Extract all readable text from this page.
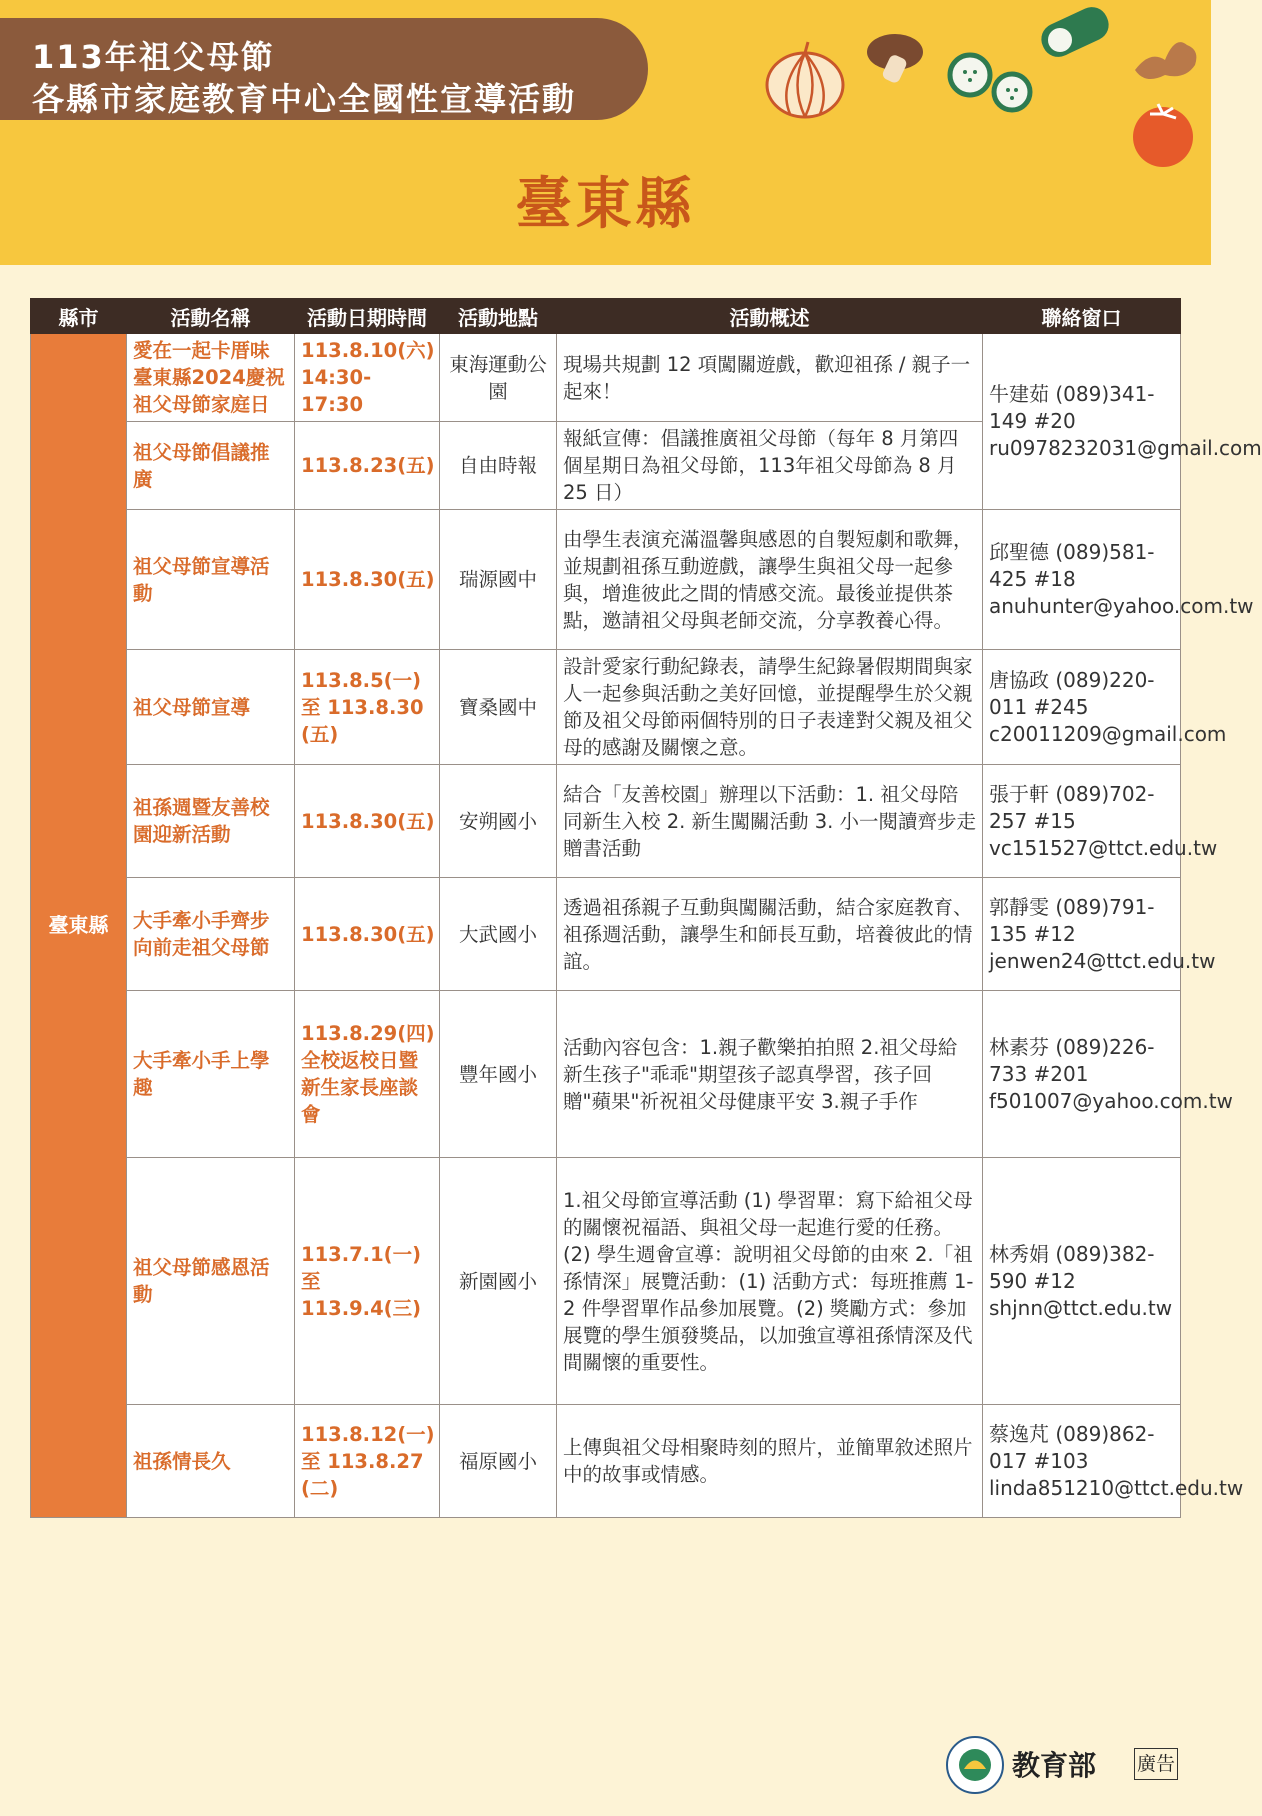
113年祖父母節
各縣市家庭教育中心全國性宣導活動
臺東縣
縣市	活動名稱	活動日期時間	活動地點	活動概述	聯絡窗口
臺東縣	愛在一起卡厝味臺東縣2024慶祝祖父母節家庭日	113.8.10(六) 14:30-17:30	東海運動公園	現場共規劃 12 項闖關遊戲，歡迎祖孫 / 親子一起來！	牛建茹 (089)341-149 #20 ru0978232031@gmail.com
	祖父母節倡議推廣	113.8.23(五)	自由時報	報紙宣傳：倡議推廣祖父母節（每年 8 月第四個星期日為祖父母節，113年祖父母節為 8 月 25 日）	
	祖父母節宣導活動	113.8.30(五)	瑞源國中	由學生表演充滿溫馨與感恩的自製短劇和歌舞，並規劃祖孫互動遊戲，讓學生與祖父母一起參與，增進彼此之間的情感交流。最後並提供茶點，邀請祖父母與老師交流，分享教養心得。	邱聖德 (089)581-425 #18 anuhunter@yahoo.com.tw
	祖父母節宣導	113.8.5(一) 至 113.8.30 (五)	寶桑國中	設計愛家行動紀錄表，請學生紀錄暑假期間與家人一起參與活動之美好回憶，並提醒學生於父親節及祖父母節兩個特別的日子表達對父親及祖父母的感謝及關懷之意。	唐協政 (089)220-011 #245 c20011209@gmail.com
	祖孫週暨友善校園迎新活動	113.8.30(五)	安朔國小	結合「友善校園」辦理以下活動：1. 祖父母陪同新生入校 2. 新生闖關活動 3. 小一閱讀齊步走贈書活動	張于軒 (089)702-257 #15 vc151527@ttct.edu.tw
	大手牽小手齊步向前走祖父母節	113.8.30(五)	大武國小	透過祖孫親子互動與闖關活動，結合家庭教育、祖孫週活動，讓學生和師長互動，培養彼此的情誼。	郭靜雯 (089)791-135 #12 jenwen24@ttct.edu.tw
	大手牽小手上學趣	113.8.29(四) 全校返校日暨新生家長座談會	豐年國小	活動內容包含：1.親子歡樂拍拍照 2.祖父母給新生孩子"乖乖"期望孩子認真學習，孩子回贈"蘋果"祈祝祖父母健康平安 3.親子手作	林素芬 (089)226-733 #201 f501007@yahoo.com.tw
	祖父母節感恩活動	113.7.1(一) 至113.9.4(三)	新園國小	1.祖父母節宣導活動 (1) 學習單：寫下給祖父母的關懷祝福語、與祖父母一起進行愛的任務。(2) 學生週會宣導：說明祖父母節的由來 2.「祖孫情深」展覽活動：(1) 活動方式：每班推薦 1-2 件學習單作品參加展覽。(2) 獎勵方式：參加展覽的學生頒發獎品，以加強宣導祖孫情深及代間關懷的重要性。	林秀娟 (089)382-590 #12 shjnn@ttct.edu.tw
	祖孫情長久	113.8.12(一) 至 113.8.27 (二)	福原國小	上傳與祖父母相聚時刻的照片，並簡單敘述照片中的故事或情感。	蔡逸芃 (089)862-017 #103 linda851210@ttct.edu.tw
教育部 廣告
